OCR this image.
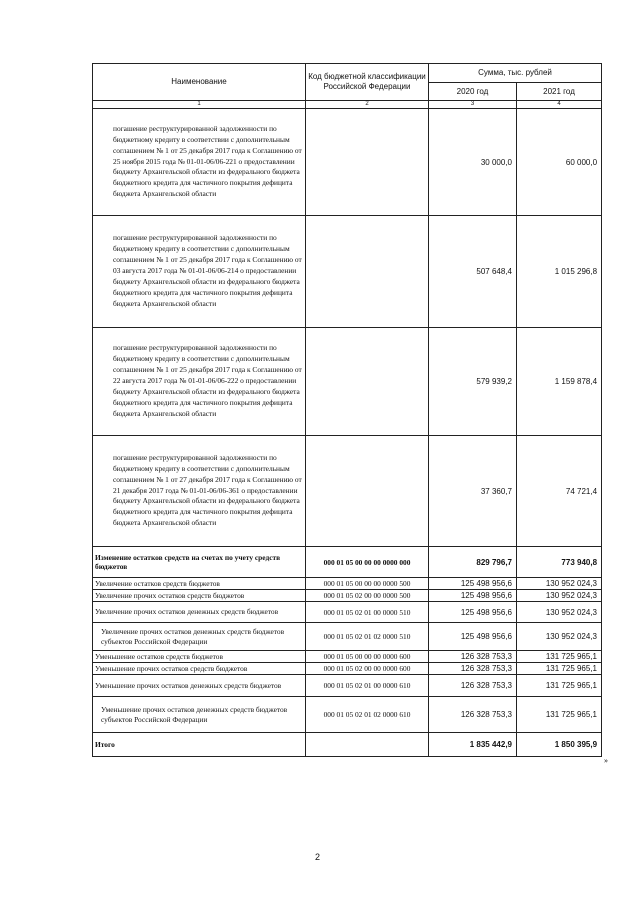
Наименование	Код бюджетной классификации Российской Федерации	Сумма, тыс. рублей	
		2020 год	2021 год
1	2	3	4
погашение реструктурированной задолженности по бюджетному кредиту в соответствии с дополнительным соглашением № 1 от 25 декабря 2017 года к Соглашению от 25 ноября 2015 года № 01-01-06/06-221 о предоставлении бюджету Архангельской области из федерального бюджета бюджетного кредита для частичного покрытия дефицита бюджета Архангельской области		30 000,0	60 000,0
погашение реструктурированной задолженности по бюджетному кредиту в соответствии с дополнительным соглашением № 1 от 25 декабря 2017 года к Соглашению от 03 августа 2017 года № 01-01-06/06-214 о предоставлении бюджету Архангельской области из федерального бюджета бюджетного кредита для частичного покрытия дефицита бюджета Архангельской области		507 648,4	1 015 296,8
погашение реструктурированной задолженности по бюджетному кредиту в соответствии с дополнительным соглашением № 1 от 25 декабря 2017 года к Соглашению от 22 августа 2017 года № 01-01-06/06-222 о предоставлении бюджету Архангельской области из федерального бюджета бюджетного кредита для частичного покрытия дефицита бюджета Архангельской области		579 939,2	1 159 878,4
погашение реструктурированной задолженности по бюджетному кредиту в соответствии с дополнительным соглашением № 1 от 27 декабря 2017 года к Соглашению от 21 декабря 2017 года № 01-01-06/06-361 о предоставлении бюджету Архангельской области из федерального бюджета бюджетного кредита для частичного покрытия дефицита бюджета Архангельской области		37 360,7	74 721,4
Изменение остатков средств на счетах по учету средств бюджетов	000 01 05 00 00 00 0000 000	829 796,7	773 940,8
Увеличение остатков средств бюджетов	000 01 05 00 00 00 0000 500	125 498 956,6	130 952 024,3
Увеличение прочих остатков средств бюджетов	000 01 05 02 00 00 0000 500	125 498 956,6	130 952 024,3
Увеличение прочих остатков денежных средств бюджетов	000 01 05 02 01 00 0000 510	125 498 956,6	130 952 024,3
Увеличение прочих остатков денежных средств бюджетов субъектов Российской Федерации	000 01 05 02 01 02 0000 510	125 498 956,6	130 952 024,3
Уменьшение остатков средств бюджетов	000 01 05 00 00 00 0000 600	126 328 753,3	131 725 965,1
Уменьшение прочих остатков средств бюджетов	000 01 05 02 00 00 0000 600	126 328 753,3	131 725 965,1
Уменьшение прочих остатков денежных средств бюджетов	000 01 05 02 01 00 0000 610	126 328 753,3	131 725 965,1
Уменьшение прочих остатков денежных средств бюджетов субъектов Российской Федерации	000 01 05 02 01 02 0000 610	126 328 753,3	131 725 965,1
Итого		1 835 442,9	1 850 395,9
»
2
